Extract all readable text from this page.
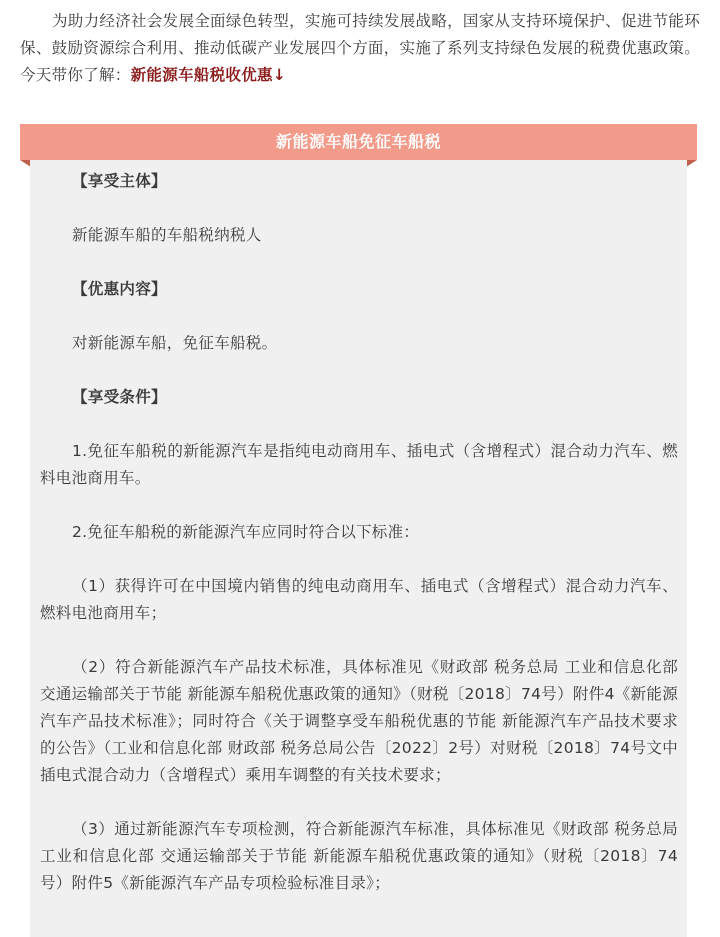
为助力经济社会发展全面绿色转型，实施可持续发展战略，国家从支持环境保护、促进节能环保、鼓励资源综合利用、推动低碳产业发展四个方面，实施了系列支持绿色发展的税费优惠政策。今天带你了解：新能源车船税收优惠↓

新能源车船免征车船税

【享受主体】

新能源车船的车船税纳税人

【优惠内容】

对新能源车船，免征车船税。

【享受条件】

1.免征车船税的新能源汽车是指纯电动商用车、插电式（含增程式）混合动力汽车、燃料电池商用车。

2.免征车船税的新能源汽车应同时符合以下标准：

（1）获得许可在中国境内销售的纯电动商用车、插电式（含增程式）混合动力汽车、燃料电池商用车；

（2）符合新能源汽车产品技术标准，具体标准见《财政部 税务总局 工业和信息化部 交通运输部关于节能 新能源车船税优惠政策的通知》（财税〔2018〕74号）附件4《新能源汽车产品技术标准》；同时符合《关于调整享受车船税优惠的节能 新能源汽车产品技术要求的公告》（工业和信息化部 财政部 税务总局公告〔2022〕2号）对财税〔2018〕74号文中插电式混合动力（含增程式）乘用车调整的有关技术要求；

（3）通过新能源汽车专项检测，符合新能源汽车标准，具体标准见《财政部 税务总局 工业和信息化部 交通运输部关于节能 新能源车船税优惠政策的通知》（财税〔2018〕74号）附件5《新能源汽车产品专项检验标准目录》；
